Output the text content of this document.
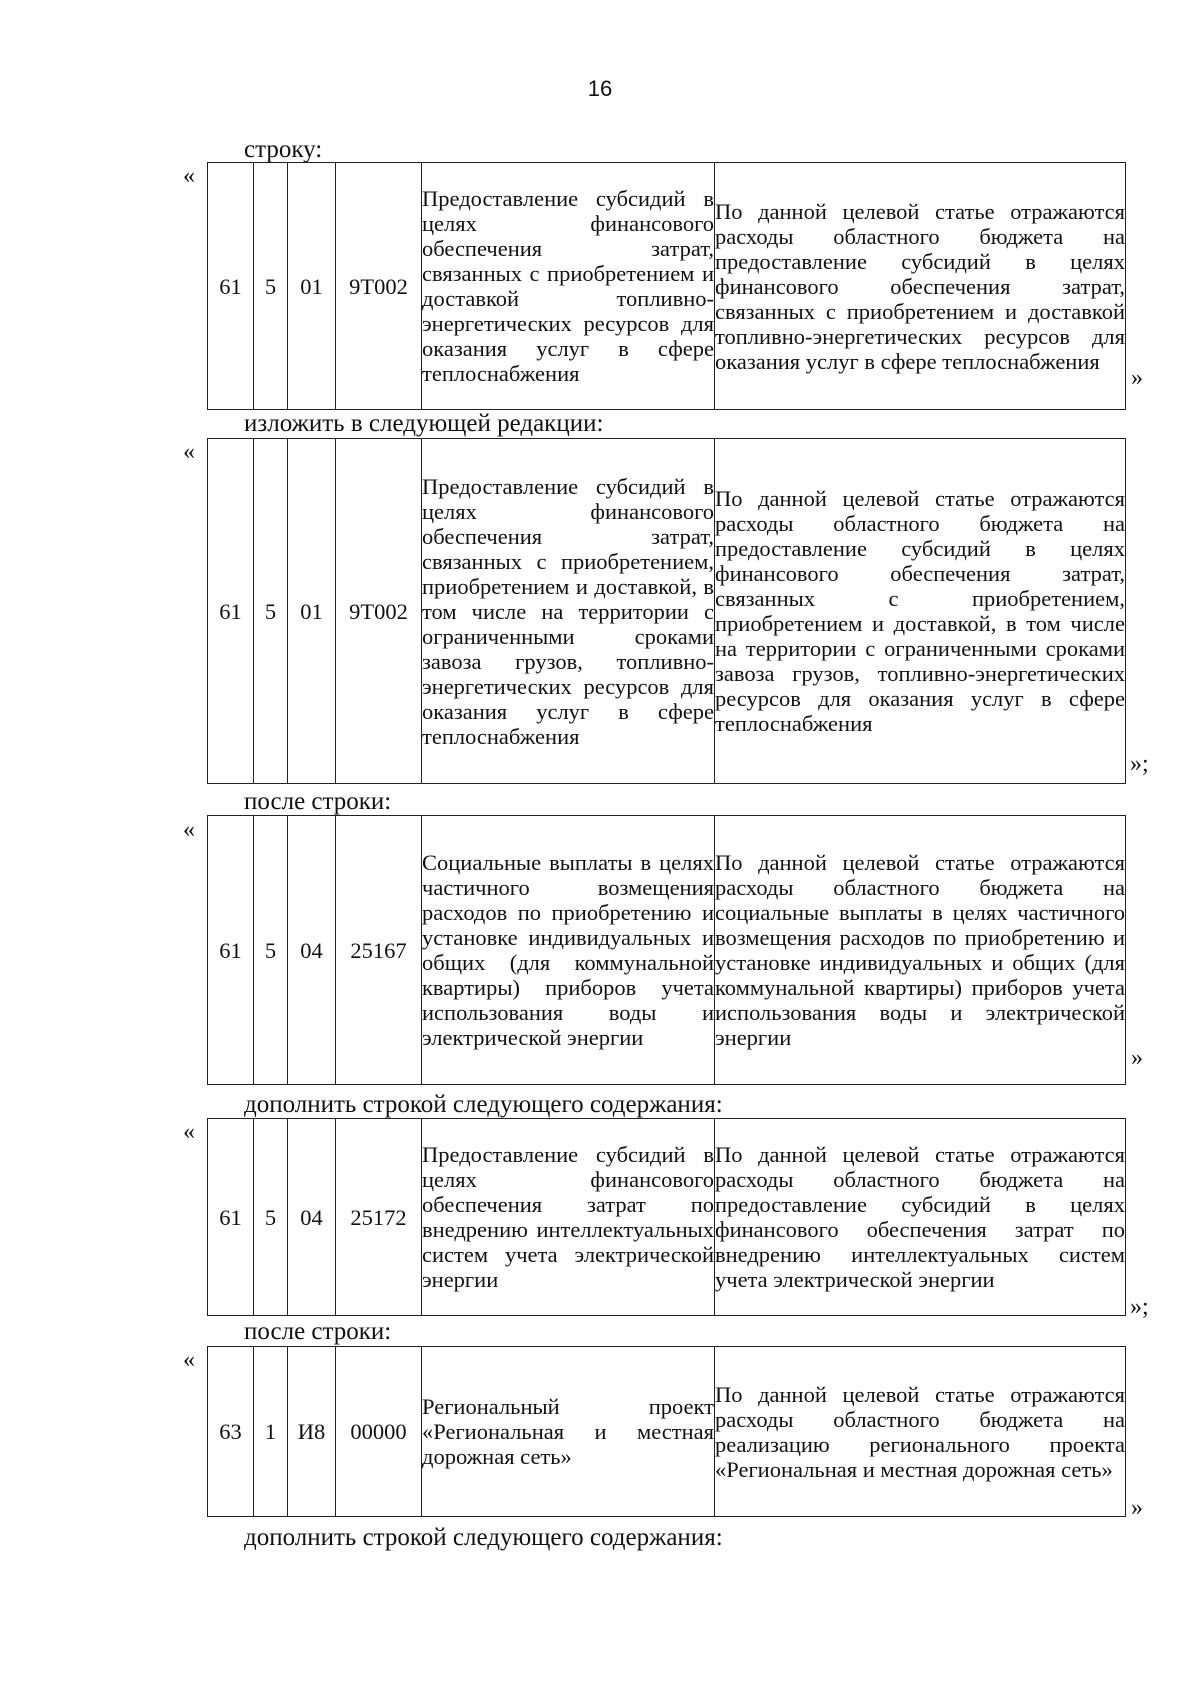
16
строку:
«
61	5	01	9Т002	Предоставление субсидий в целях финансового обеспечения затрат, связанных с приобретением и доставкой топливно-энергетических ресурсов для оказания услуг в сфере теплоснабжения	По данной целевой статье отражаются расходы областного бюджета на предоставление субсидий в целях финансового обеспечения затрат, связанных с приобретением и доставкой топливно-энергетических ресурсов для оказания услуг в сфере теплоснабжения
»
изложить в следующей редакции:
«
61	5	01	9Т002	Предоставление субсидий в целях финансового обеспечения затрат, связанных с приобретением, приобретением и доставкой, в том числе на территории с ограниченными сроками завоза грузов, топливно-энергетических ресурсов для оказания услуг в сфере теплоснабжения	По данной целевой статье отражаются расходы областного бюджета на предоставление субсидий в целях финансового обеспечения затрат, связанных с приобретением, приобретением и доставкой, в том числе на территории с ограниченными сроками завоза грузов, топливно-энергетических ресурсов для оказания услуг в сфере теплоснабжения
»;
после строки:
«
61	5	04	25167	Социальные выплаты в целях частичного возмещения расходов по приобретению и установке индивидуальных и общих (для коммунальной квартиры) приборов учета использования воды и электрической энергии	По данной целевой статье отражаются расходы областного бюджета на социальные выплаты в целях частичного возмещения расходов по приобретению и установке индивидуальных и общих (для коммунальной квартиры) приборов учета использования воды и электрической энергии
»
дополнить строкой следующего содержания:
«
61	5	04	25172	Предоставление субсидий в целях финансового обеспечения затрат по внедрению интеллектуальных систем учета электрической энергии	По данной целевой статье отражаются расходы областного бюджета на предоставление субсидий в целях финансового обеспечения затрат по внедрению интеллектуальных систем учета электрической энергии
»;
после строки:
«
63	1	И8	00000	Региональный проект «Региональная и местная дорожная сеть»	По данной целевой статье отражаются расходы областного бюджета на реализацию регионального проекта «Региональная и местная дорожная сеть»
»
дополнить строкой следующего содержания:
